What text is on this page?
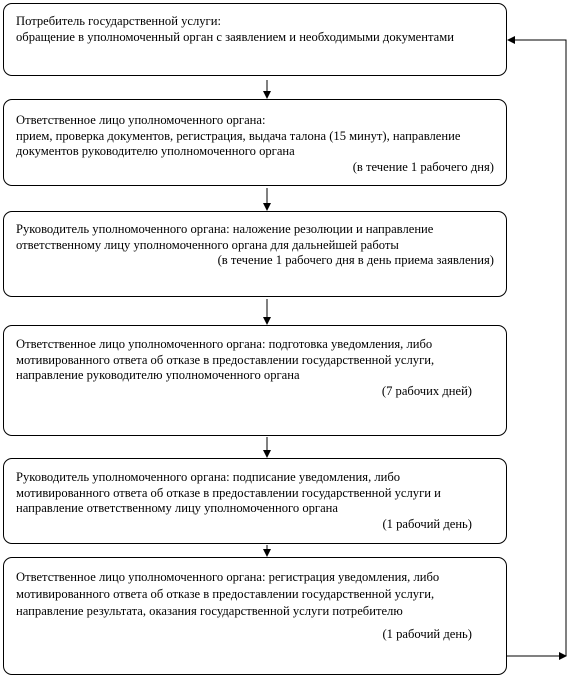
Потребитель государственной услуги:
обращение в уполномоченный орган с заявлением и необходимыми документами
Ответственное лицо уполномоченного органа:
прием, проверка документов, регистрация, выдача талона (15 минут), направление документов руководителю уполномоченного органа
(в течение 1 рабочего дня)
Руководитель уполномоченного органа: наложение резолюции и направление ответственному лицу уполномоченного органа для дальнейшей работы
(в течение 1 рабочего дня в день приема заявления)
Ответственное лицо уполномоченного органа: подготовка уведомления, либо мотивированного ответа об отказе в предоставлении государственной услуги, направление руководителю уполномоченного органа
(7 рабочих дней)
Руководитель уполномоченного органа: подписание уведомления, либо мотивированного ответа об отказе в предоставлении государственной услуги и направление ответственному лицу уполномоченного органа
(1 рабочий день)
Ответственное лицо уполномоченного органа: регистрация уведомления, либо мотивированного ответа об отказе в предоставлении государственной услуги, направление результата, оказания государственной услуги потребителю
(1 рабочий день)
